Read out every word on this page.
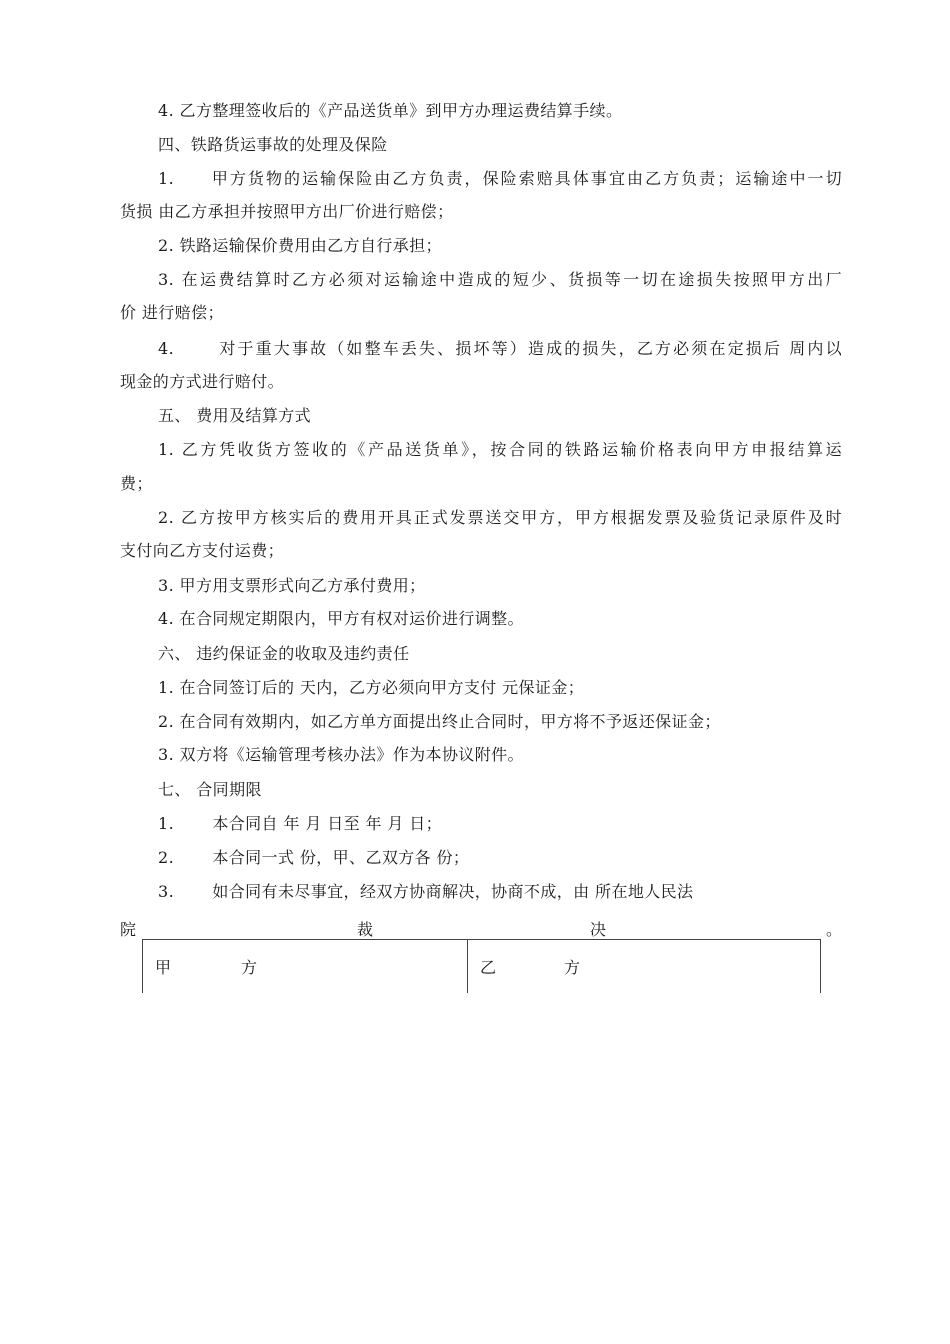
4. 乙方整理签收后的《产品送货单》到甲方办理运费结算手续。
四、铁路货运事故的处理及保险
1.　　甲方货物的运输保险由乙方负责，保险索赔具体事宜由乙方负责；运输途中一切
货损 由乙方承担并按照甲方出厂价进行赔偿；
2. 铁路运输保价费用由乙方自行承担；
3. 在运费结算时乙方必须对运输途中造成的短少、货损等一切在途损失按照甲方出厂
价 进行赔偿；
4.　　 对于重大事故（如整车丢失、损坏等）造成的损失，乙方必须在定损后 周内以
现金的方式进行赔付。
五、 费用及结算方式
1. 乙方凭收货方签收的《产品送货单》，按合同的铁路运输价格表向甲方申报结算运
费；
2. 乙方按甲方核实后的费用开具正式发票送交甲方，甲方根据发票及验货记录原件及时
支付向乙方支付运费；
3. 甲方用支票形式向乙方承付费用；
4. 在合同规定期限内，甲方有权对运价进行调整。
六、 违约保证金的收取及违约责任
1. 在合同签订后的 天内，乙方必须向甲方支付 元保证金；
2. 在合同有效期内，如乙方单方面提出终止合同时，甲方将不予返还保证金；
3. 双方将《运输管理考核办法》作为本协议附件。
七、 合同期限
1.　　 本合同自 年 月 日至 年 月 日；
2.　　 本合同一式 份，甲、乙双方各 份；
3.　　 如合同有未尽事宜，经双方协商解决，协商不成，由 所在地人民法
院	裁	决	。
甲	方	乙	方
